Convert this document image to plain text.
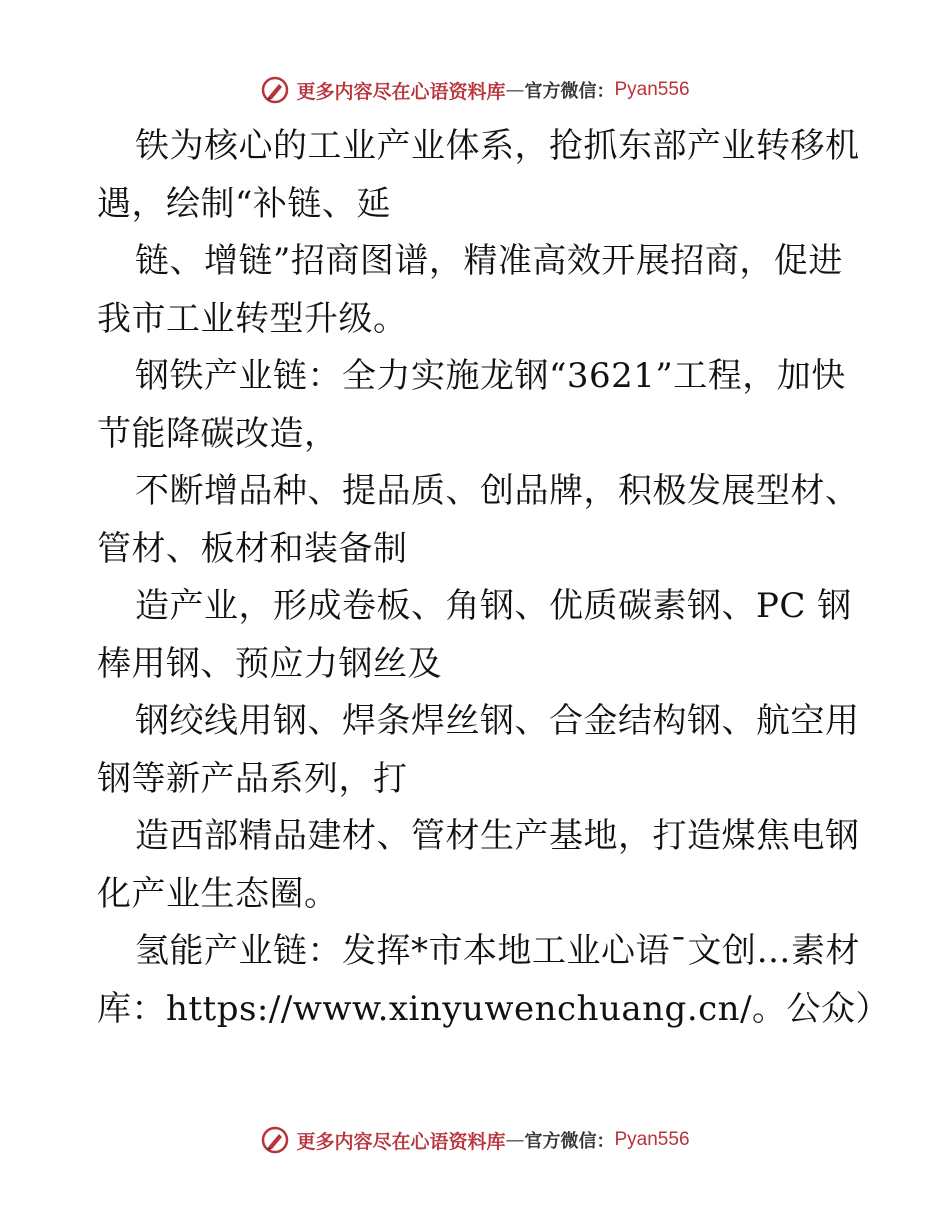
更多内容尽在心语资料库 — 官方微信： Pyan556
铁为核心的工业产业体系，抢抓东部产业转移机
遇，绘制“补链、延
链、增链”招商图谱，精准高效开展招商，促进
我市工业转型升级。
钢铁产业链：全力实施龙钢“3621”工程，加快
节能降碳改造，
不断增品种、提品质、创品牌，积极发展型材、
管材、板材和装备制
造产业，形成卷板、角钢、优质碳素钢、PC 钢
棒用钢、预应力钢丝及
钢绞线用钢、焊条焊丝钢、合金结构钢、航空用
钢等新产品系列，打
造西部精品建材、管材生产基地，打造煤焦电钢
化产业生态圈。
氢能产业链：发挥*市本地工业心语¯文创…素材
库：https://www.xinyuwenchuang.cn/。公众）
更多内容尽在心语资料库 — 官方微信： Pyan556
